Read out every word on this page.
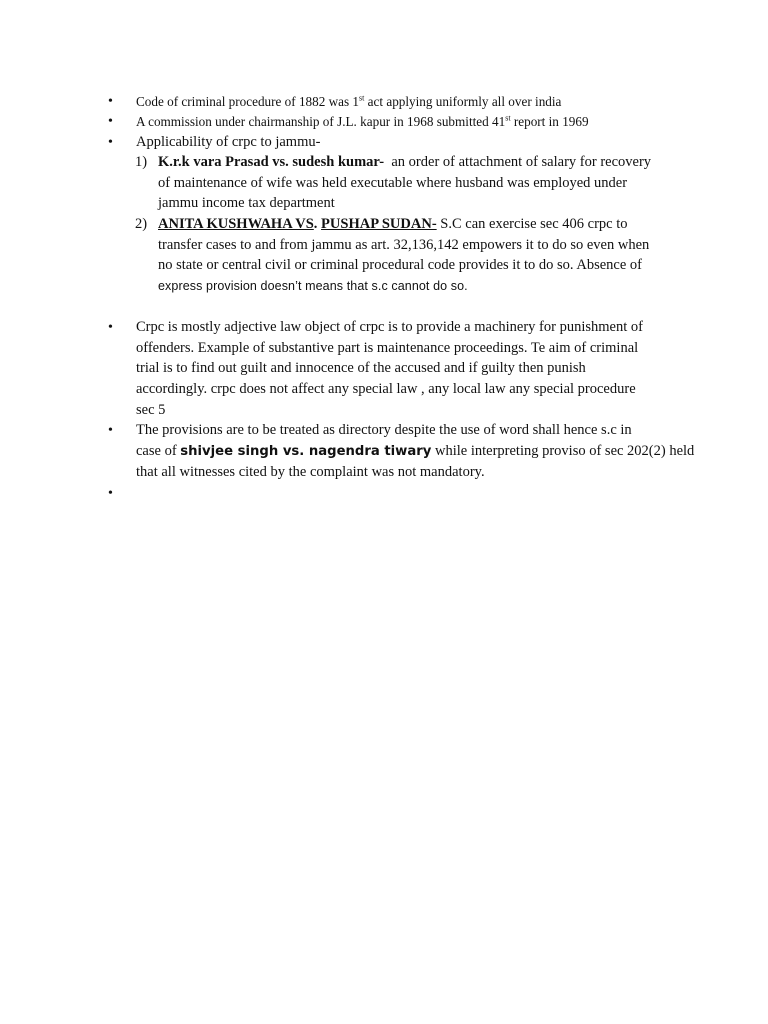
• Code of criminal procedure of 1882 was 1st act applying uniformly all over india
• A commission under chairmanship of J.L. kapur in 1968 submitted 41st report in 1969
• Applicability of crpc to jammu-
1) K.r.k vara Prasad vs. sudesh kumar-  an order of attachment of salary for recovery
of maintenance of wife was held executable where husband was employed under
jammu income tax department
2) ANITA KUSHWAHA VS. PUSHAP SUDAN- S.C can exercise sec 406 crpc to
transfer cases to and from jammu as art. 32,136,142 empowers it to do so even when
no state or central civil or criminal procedural code provides it to do so. Absence of
express provision doesn’t means that s.c cannot do so.
• Crpc is mostly adjective law object of crpc is to provide a machinery for punishment of
offenders. Example of substantive part is maintenance proceedings. Te aim of criminal
trial is to find out guilt and innocence of the accused and if guilty then punish
accordingly. crpc does not affect any special law , any local law any special procedure
sec 5
• The provisions are to be treated as directory despite the use of word shall hence s.c in
case of shivjee singh vs. nagendra tiwary while interpreting proviso of sec 202(2) held
that all witnesses cited by the complaint was not mandatory.
•
